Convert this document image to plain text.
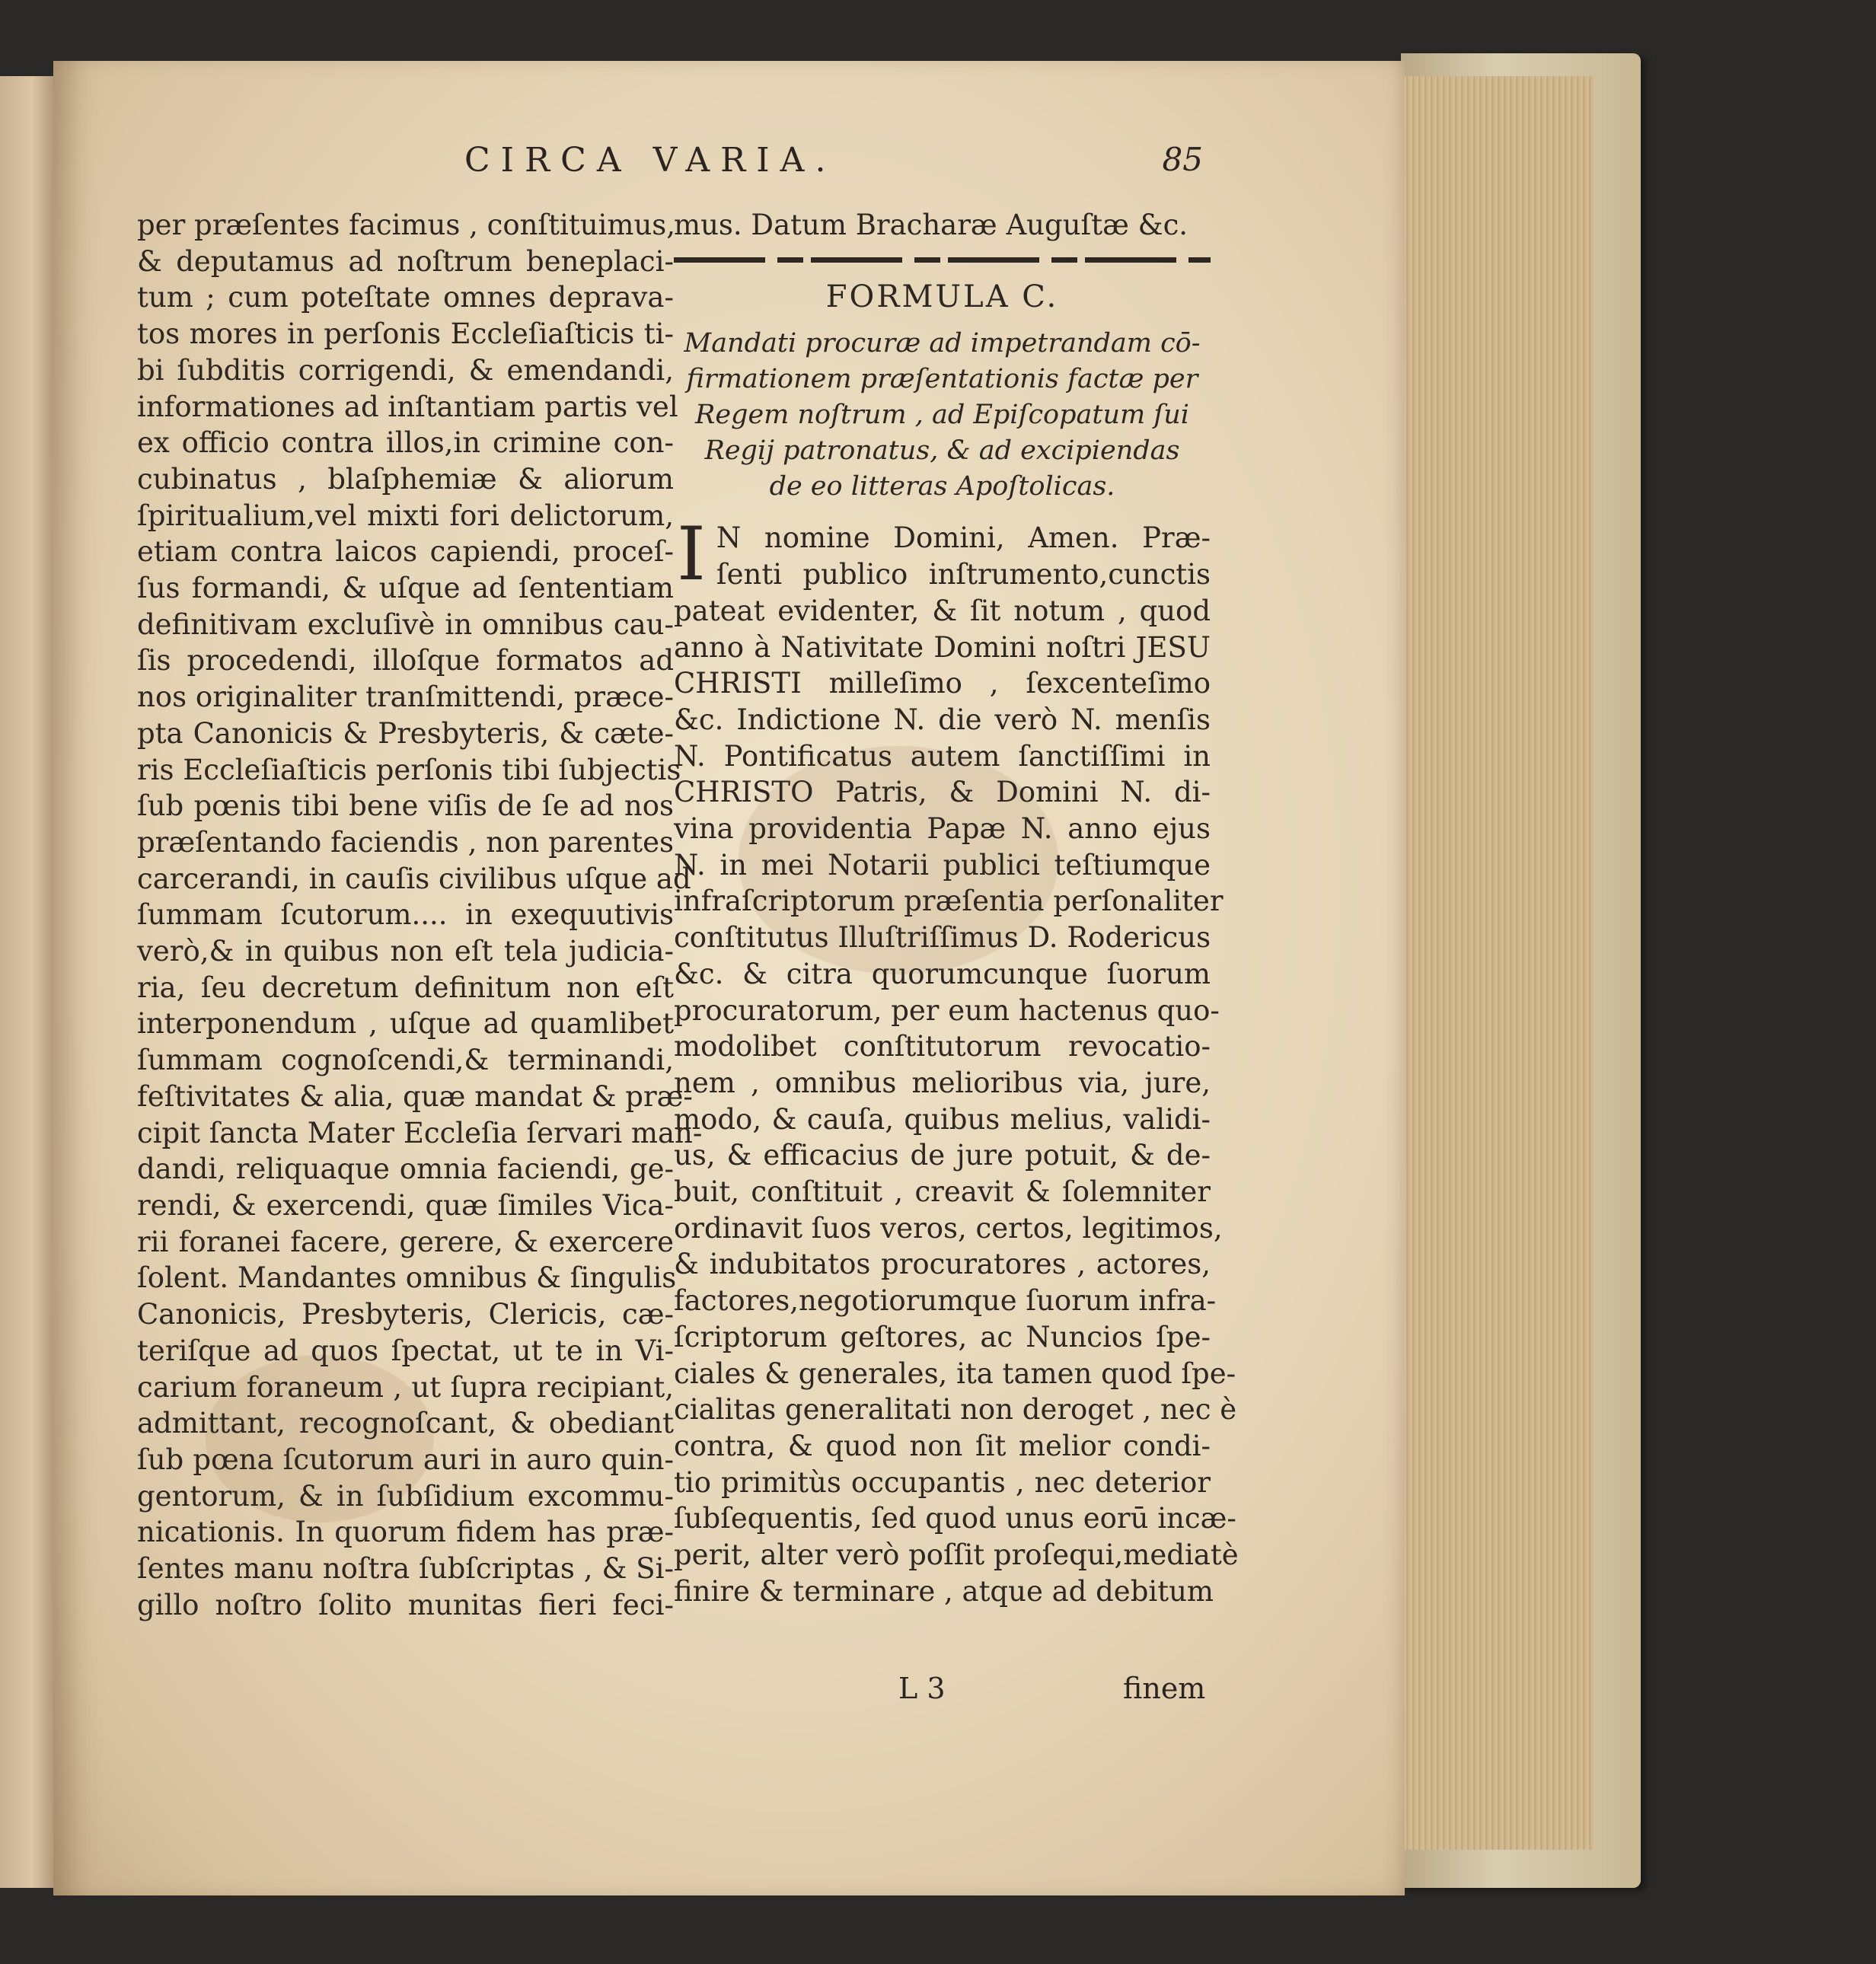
CIRCA VARIA.	85
per præſentes facimus , conſtituimus,
& deputamus ad noſtrum beneplaci-
tum ; cum poteſtate omnes deprava-
tos mores in perſonis Eccleſiaſticis ti-
bi ſubditis corrigendi, & emendandi,
informationes ad inſtantiam partis vel
ex officio contra illos,in crimine con-
cubinatus , blaſphemiæ & aliorum
ſpiritualium,vel mixti fori delictorum,
etiam contra laicos capiendi, proceſ-
ſus formandi, & uſque ad ſententiam
definitivam excluſivè in omnibus cau-
ſis procedendi, illoſque formatos ad
nos originaliter tranſmittendi, præce-
pta Canonicis & Presbyteris, & cæte-
ris Eccleſiaſticis perſonis tibi ſubjectis
ſub pœnis tibi bene viſis de ſe ad nos
præſentando faciendis , non parentes
carcerandi, in cauſis civilibus uſque ad
ſummam ſcutorum.... in exequutivis
verò,& in quibus non eſt tela judicia-
ria, ſeu decretum definitum non eſt
interponendum , uſque ad quamlibet
ſummam cognoſcendi,& terminandi,
feſtivitates & alia, quæ mandat & præ-
cipit ſancta Mater Eccleſia ſervari man-
dandi, reliquaque omnia faciendi, ge-
rendi, & exercendi, quæ ſimiles Vica-
rii foranei facere, gerere, & exercere
ſolent. Mandantes omnibus & ſingulis
Canonicis, Presbyteris, Clericis, cæ-
teriſque ad quos ſpectat, ut te in Vi-
carium foraneum , ut ſupra recipiant,
admittant, recognoſcant, & obediant
ſub pœna ſcutorum auri in auro quin-
gentorum, & in ſubſidium excommu-
nicationis. In quorum fidem has præ-
ſentes manu noſtra ſubſcriptas , & Si-
gillo noſtro ſolito munitas fieri feci-
mus. Datum Bracharæ Auguſtæ &c.
FORMULA C.
Mandati procuræ ad impetrandam cō-
firmationem præſentationis factæ per
Regem noſtrum , ad Epiſcopatum ſui
Regij patronatus, & ad excipiendas
de eo litteras Apoſtolicas.
I N nomine Domini, Amen. Præ-
ſenti publico inſtrumento,cunctis
pateat evidenter, & ſit notum , quod
anno à Nativitate Domini noſtri JESU
CHRISTI milleſimo , ſexcenteſimo
&c. Indictione N. die verò N. menſis
N. Pontificatus autem ſanctiſſimi in
CHRISTO Patris, & Domini N. di-
vina providentia Papæ N. anno ejus
N. in mei Notarii publici teſtiumque
infraſcriptorum præſentia perſonaliter
conſtitutus Illuſtriſſimus D. Rodericus
&c. & citra quorumcunque ſuorum
procuratorum, per eum hactenus quo-
modolibet conſtitutorum revocatio-
nem , omnibus melioribus via, jure,
modo, & cauſa, quibus melius, validi-
us, & efficacius de jure potuit, & de-
buit, conſtituit , creavit & ſolemniter
ordinavit ſuos veros, certos, legitimos,
& indubitatos procuratores , actores,
factores,negotiorumque ſuorum infra-
ſcriptorum geſtores, ac Nuncios ſpe-
ciales & generales, ita tamen quod ſpe-
cialitas generalitati non deroget , nec è
contra, & quod non ſit melior condi-
tio primitùs occupantis , nec deterior
ſubſequentis, ſed quod unus eorū incæ-
perit, alter verò poſſit proſequi,mediatè
finire & terminare , atque ad debitum
L 3	finem
